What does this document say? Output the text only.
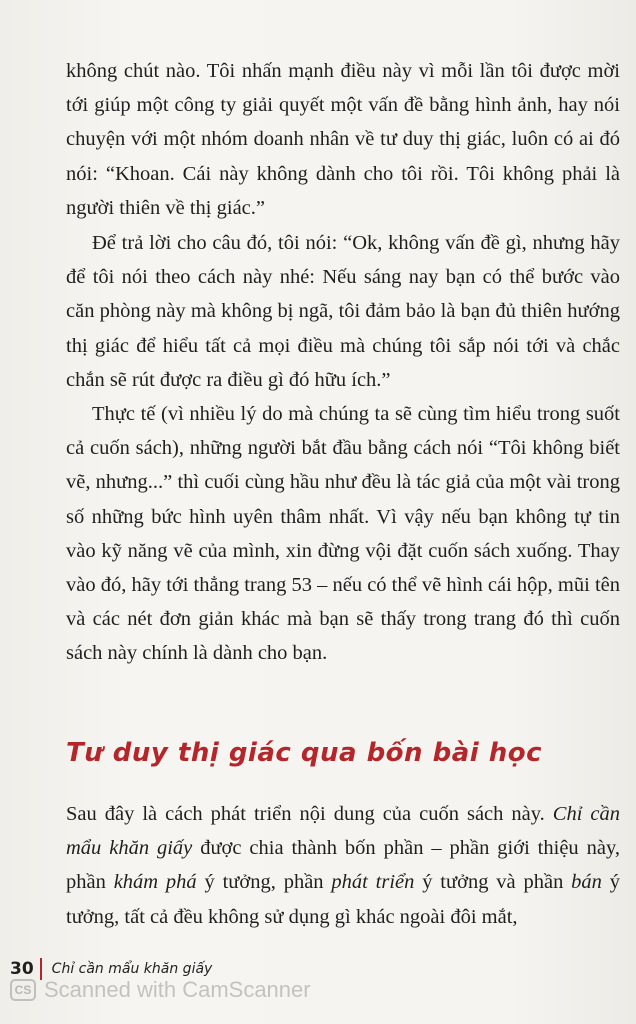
không chút nào. Tôi nhấn mạnh điều này vì mỗi lần tôi được mời tới giúp một công ty giải quyết một vấn đề bằng hình ảnh, hay nói chuyện với một nhóm doanh nhân về tư duy thị giác, luôn có ai đó nói: “Khoan. Cái này không dành cho tôi rồi. Tôi không phải là người thiên về thị giác.”

Để trả lời cho câu đó, tôi nói: “Ok, không vấn đề gì, nhưng hãy để tôi nói theo cách này nhé: Nếu sáng nay bạn có thể bước vào căn phòng này mà không bị ngã, tôi đảm bảo là bạn đủ thiên hướng thị giác để hiểu tất cả mọi điều mà chúng tôi sắp nói tới và chắc chắn sẽ rút được ra điều gì đó hữu ích.”

Thực tế (vì nhiều lý do mà chúng ta sẽ cùng tìm hiểu trong suốt cả cuốn sách), những người bắt đầu bằng cách nói “Tôi không biết vẽ, nhưng...” thì cuối cùng hầu như đều là tác giả của một vài trong số những bức hình uyên thâm nhất. Vì vậy nếu bạn không tự tin vào kỹ năng vẽ của mình, xin đừng vội đặt cuốn sách xuống. Thay vào đó, hãy tới thẳng trang 53 – nếu có thể vẽ hình cái hộp, mũi tên và các nét đơn giản khác mà bạn sẽ thấy trong trang đó thì cuốn sách này chính là dành cho bạn.

Tư duy thị giác qua bốn bài học

Sau đây là cách phát triển nội dung của cuốn sách này. Chỉ cần mẩu khăn giấy được chia thành bốn phần – phần giới thiệu này, phần khám phá ý tưởng, phần phát triển ý tưởng và phần bán ý tưởng, tất cả đều không sử dụng gì khác ngoài đôi mắt,

30 Chỉ cần mẩu khăn giấy
CS Scanned with CamScanner
